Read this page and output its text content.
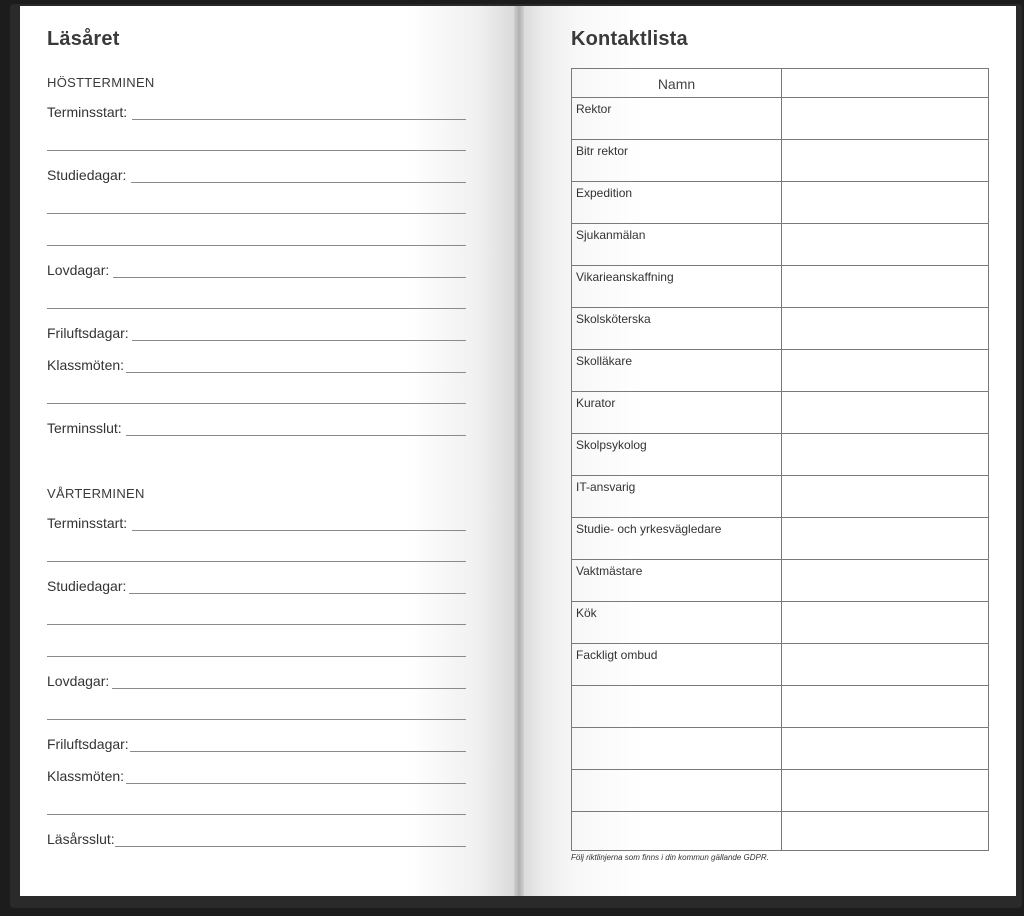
Läsåret
HÖSTTERMINEN
Terminsstart:
Studiedagar:
Lovdagar:
Friluftsdagar:
Klassmöten:
Terminsslut:
VÅRTERMINEN
Terminsstart:
Studiedagar:
Lovdagar:
Friluftsdagar:
Klassmöten:
Läsårsslut:
Kontaktlista
Namn
Rektor
Bitr rektor
Expedition
Sjukanmälan
Vikarieanskaffning
Skolsköterska
Skolläkare
Kurator
Skolpsykolog
IT-ansvarig
Studie- och yrkesvägledare
Vaktmästare
Kök
Fackligt ombud
Följ riktlinjerna som finns i din kommun gällande GDPR.
